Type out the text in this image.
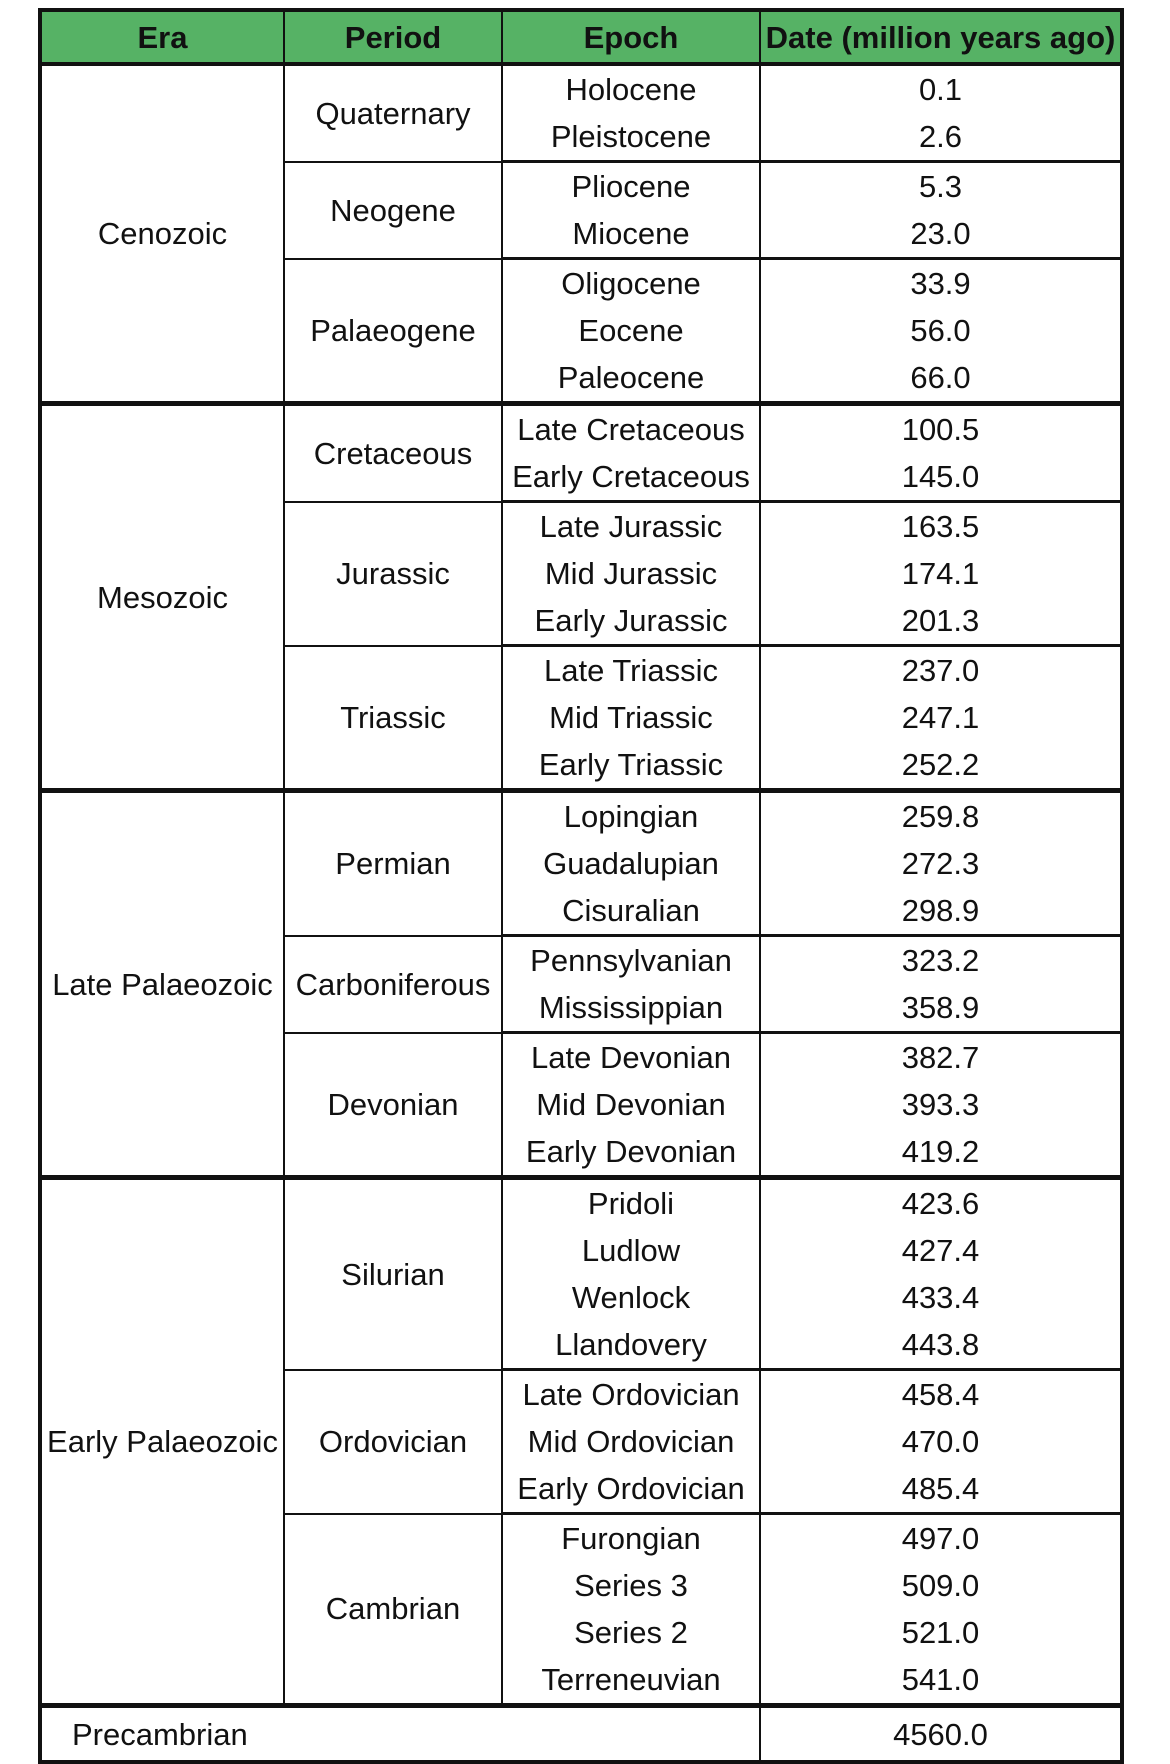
Era	Period	Epoch	Date (million years ago)
Cenozoic	Quaternary	Holocene	0.1
		Pleistocene	2.6
	Neogene	Pliocene	5.3
		Miocene	23.0
	Palaeogene	Oligocene	33.9
		Eocene	56.0
		Paleocene	66.0
Mesozoic	Cretaceous	Late Cretaceous	100.5
		Early Cretaceous	145.0
	Jurassic	Late Jurassic	163.5
		Mid Jurassic	174.1
		Early Jurassic	201.3
	Triassic	Late Triassic	237.0
		Mid Triassic	247.1
		Early Triassic	252.2
Late Palaeozoic	Permian	Lopingian	259.8
		Guadalupian	272.3
		Cisuralian	298.9
	Carboniferous	Pennsylvanian	323.2
		Mississippian	358.9
	Devonian	Late Devonian	382.7
		Mid Devonian	393.3
		Early Devonian	419.2
Early Palaeozoic	Silurian	Pridoli	423.6
		Ludlow	427.4
		Wenlock	433.4
		Llandovery	443.8
	Ordovician	Late Ordovician	458.4
		Mid Ordovician	470.0
		Early Ordovician	485.4
	Cambrian	Furongian	497.0
		Series 3	509.0
		Series 2	521.0
		Terreneuvian	541.0
Precambrian			4560.0
